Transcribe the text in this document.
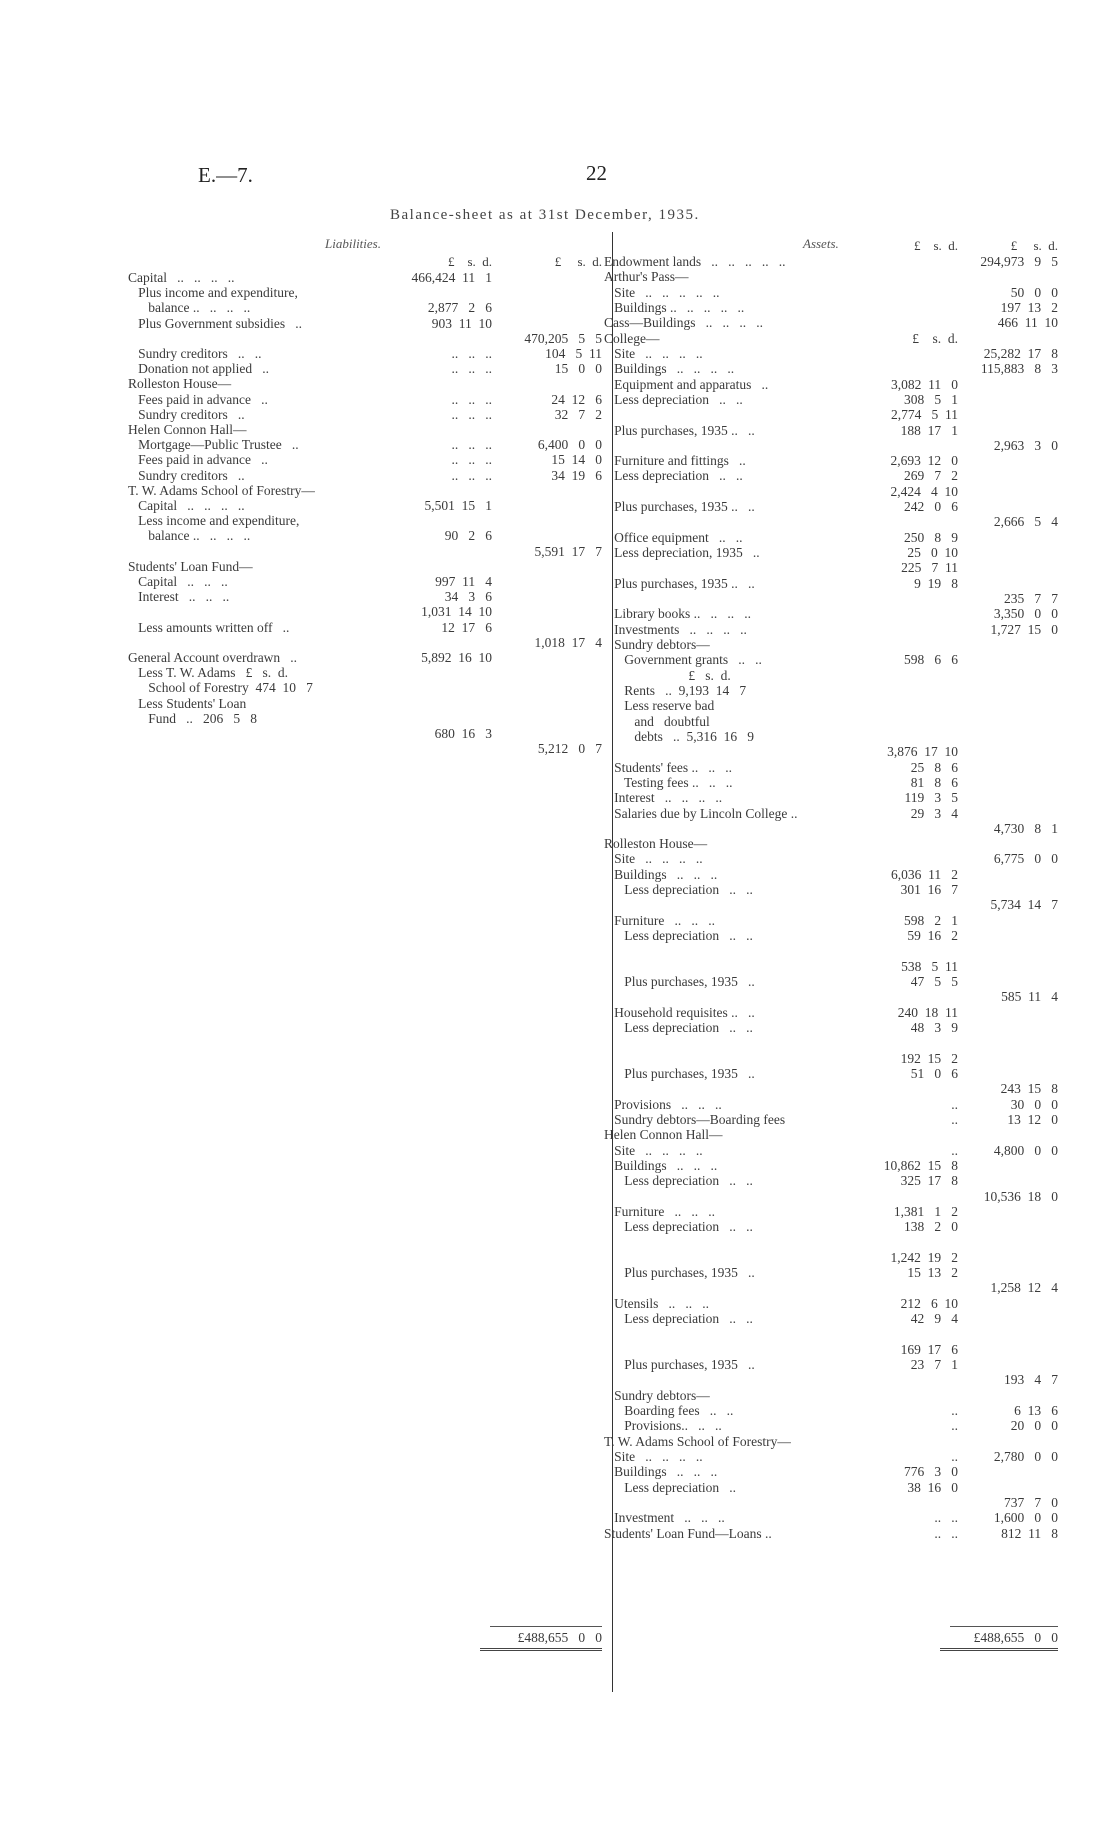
E.—7.	22
Balance-sheet as at 31st December, 1935.
Liabilities.	Assets.
£    s.  d.	£     s.  d.
Capital   ..   ..   ..   ..	466,424  11   1
Plus income and expenditure,
balance ..   ..   ..   ..	2,877   2   6
Plus Government subsidies   ..	903  11  10
470,205   5   5
Sundry creditors   ..   ..	..   ..   ..	104   5  11
Donation not applied   ..	..   ..   ..	15   0   0
Rolleston House—
Fees paid in advance   ..	..   ..   ..	24  12   6
Sundry creditors   ..	..   ..   ..	32   7   2
Helen Connon Hall—
Mortgage—Public Trustee   ..	..   ..   ..	6,400   0   0
Fees paid in advance   ..	..   ..   ..	15  14   0
Sundry creditors   ..	..   ..   ..	34  19   6
T. W. Adams School of Forestry—
Capital   ..   ..   ..   ..	5,501  15   1
Less income and expenditure,
balance ..   ..   ..   ..	90   2   6
5,591  17   7
Students' Loan Fund—
Capital   ..   ..   ..	997  11   4
Interest   ..   ..   ..	34   3   6
1,031  14  10
Less amounts written off   ..	12  17   6
1,018  17   4
General Account overdrawn   ..	5,892  16  10
Less T. W. Adams   £   s.  d.
School of Forestry  474  10   7
Less Students' Loan
Fund   ..   206   5   8
680  16   3
5,212   0   7
£488,655   0   0
£    s.  d.	£     s.  d.
Endowment lands   ..   ..   ..   ..   ..	294,973   9   5
Arthur's Pass—
Site   ..   ..   ..   ..   ..	50   0   0
Buildings ..   ..   ..   ..   ..	197  13   2
Cass—Buildings   ..   ..   ..   ..	466  11  10
College—	£    s.  d.
Site   ..   ..   ..   ..	25,282  17   8
Buildings   ..   ..   ..   ..	115,883   8   3
Equipment and apparatus   ..	3,082  11   0
Less depreciation   ..   ..	308   5   1
2,774   5  11
Plus purchases, 1935 ..   ..	188  17   1
2,963   3   0
Furniture and fittings   ..	2,693  12   0
Less depreciation   ..   ..	269   7   2
2,424   4  10
Plus purchases, 1935 ..   ..	242   0   6
2,666   5   4
Office equipment   ..   ..	250   8   9
Less depreciation, 1935   ..	25   0  10
225   7  11
Plus purchases, 1935 ..   ..	9  19   8
235   7   7
Library books ..   ..   ..   ..	3,350   0   0
Investments   ..   ..   ..   ..	1,727  15   0
Sundry debtors—
Government grants   ..   ..	598   6   6
£   s.  d.
Rents   ..  9,193  14   7
Less reserve bad
and   doubtful
debts   ..  5,316  16   9
3,876  17  10
Students' fees ..   ..   ..	25   8   6
Testing fees ..   ..   ..	81   8   6
Interest   ..   ..   ..   ..	119   3   5
Salaries due by Lincoln College ..	29   3   4
4,730   8   1
Rolleston House—
Site   ..   ..   ..   ..	6,775   0   0
Buildings   ..   ..   ..	6,036  11   2
Less depreciation   ..   ..	301  16   7
5,734  14   7
Furniture   ..   ..   ..	598   2   1
Less depreciation   ..   ..	59  16   2
538   5  11
Plus purchases, 1935   ..	47   5   5
585  11   4
Household requisites ..   ..	240  18  11
Less depreciation   ..   ..	48   3   9
192  15   2
Plus purchases, 1935   ..	51   0   6
243  15   8
Provisions   ..   ..   ..	..	30   0   0
Sundry debtors—Boarding fees	..	13  12   0
Helen Connon Hall—
Site   ..   ..   ..   ..	..	4,800   0   0
Buildings   ..   ..   ..	10,862  15   8
Less depreciation   ..   ..	325  17   8
10,536  18   0
Furniture   ..   ..   ..	1,381   1   2
Less depreciation   ..   ..	138   2   0
1,242  19   2
Plus purchases, 1935   ..	15  13   2
1,258  12   4
Utensils   ..   ..   ..	212   6  10
Less depreciation   ..   ..	42   9   4
169  17   6
Plus purchases, 1935   ..	23   7   1
193   4   7
Sundry debtors—
Boarding fees   ..   ..	..	6  13   6
Provisions..   ..   ..	..	20   0   0
T. W. Adams School of Forestry—
Site   ..   ..   ..   ..	..	2,780   0   0
Buildings   ..   ..   ..	776   3   0
Less depreciation   ..	38  16   0
737   7   0
Investment   ..   ..   ..	..   ..	1,600   0   0
Students' Loan Fund—Loans ..	..   ..	812  11   8
£488,655   0   0
